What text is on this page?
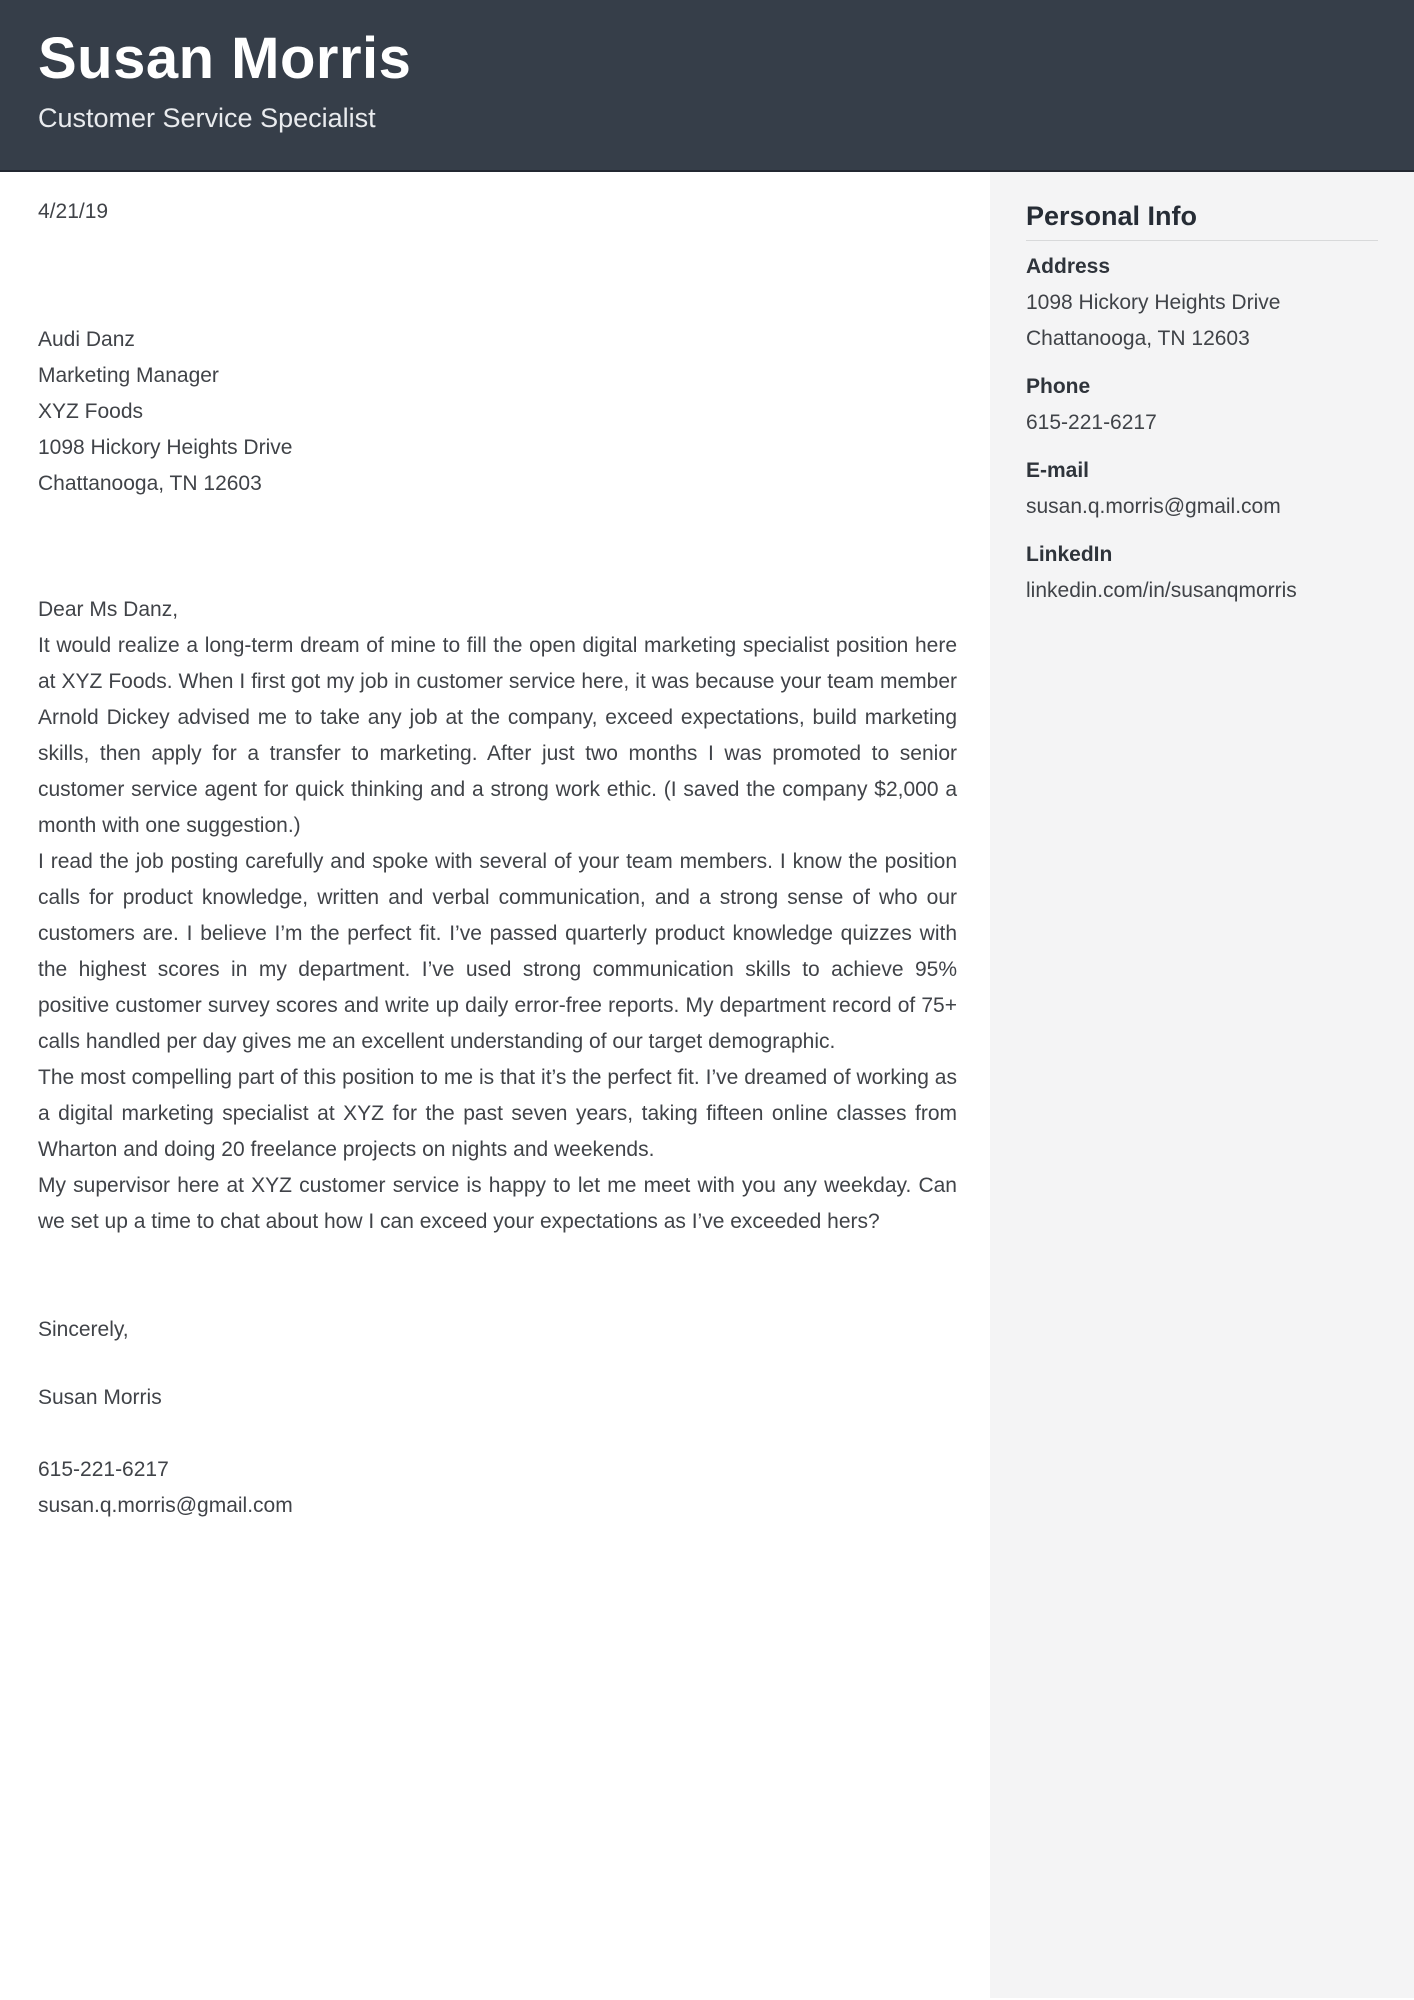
Susan Morris
Customer Service Specialist
4/21/19
Audi Danz
Marketing Manager
XYZ Foods
1098 Hickory Heights Drive
Chattanooga, TN 12603
Dear Ms Danz,

It would realize a long-term dream of mine to fill the open digital marketing specialist position here at XYZ Foods. When I first got my job in customer service here, it was because your team member Arnold Dickey advised me to take any job at the company, exceed expectations, build marketing skills, then apply for a transfer to marketing. After just two months I was promoted to senior customer service agent for quick thinking and a strong work ethic. (I saved the company $2,000 a month with one suggestion.)

I read the job posting carefully and spoke with several of your team members. I know the position calls for product knowledge, written and verbal communication, and a strong sense of who our customers are. I believe I’m the perfect fit. I’ve passed quarterly product knowledge quizzes with the highest scores in my department. I’ve used strong communication skills to achieve 95% positive customer survey scores and write up daily error-free reports. My department record of 75+ calls handled per day gives me an excellent understanding of our target demographic.

The most compelling part of this position to me is that it’s the perfect fit. I’ve dreamed of working as a digital marketing specialist at XYZ for the past seven years, taking fifteen online classes from Wharton and doing 20 freelance projects on nights and weekends.

My supervisor here at XYZ customer service is happy to let me meet with you any weekday. Can we set up a time to chat about how I can exceed your expectations as I’ve exceeded hers?

Sincerely,
Susan Morris
615-221-6217
susan.q.morris@gmail.com
Personal Info
Address
1098 Hickory Heights Drive
Chattanooga, TN 12603
Phone
615-221-6217
E-mail
susan.q.morris@gmail.com
LinkedIn
linkedin.com/in/susanqmorris
